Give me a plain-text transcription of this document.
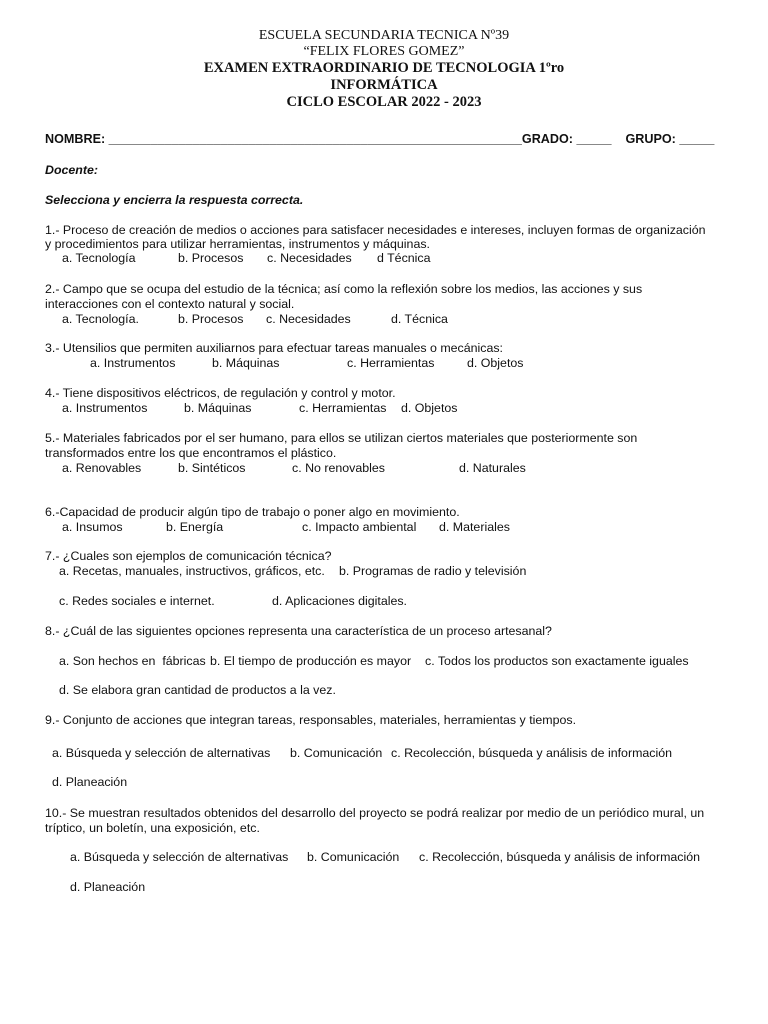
ESCUELA SECUNDARIA TECNICA Nº39
“FELIX FLORES GOMEZ”
EXAMEN EXTRAORDINARIO DE TECNOLOGIA 1ºro
INFORMÁTICA
CICLO ESCOLAR 2022 - 2023
NOMBRE: ___________________________________________________________GRADO: _____    GRUPO: _____
Docente:
Selecciona y encierra la respuesta correcta.
1.- Proceso de creación de medios o acciones para satisfacer necesidades e intereses, incluyen formas de organización
y procedimientos para utilizar herramientas, instrumentos y máquinas.
a. Tecnología	b. Procesos c. Necesidades d Técnica
2.- Campo que se ocupa del estudio de la técnica; así como la reflexión sobre los medios, las acciones y sus
interacciones con el contexto natural y social.
a. Tecnología.	b. Procesos c. Necesidades	d. Técnica
3.- Utensilios que permiten auxiliarnos para efectuar tareas manuales o mecánicas:
a. Instrumentos	b. Máquinas	c. Herramientas	d. Objetos
4.- Tiene dispositivos eléctricos, de regulación y control y motor.
a. Instrumentos	b. Máquinas	c. Herramientas d. Objetos
5.- Materiales fabricados por el ser humano, para ellos se utilizan ciertos materiales que posteriormente son
transformados entre los que encontramos el plástico.
a. Renovables	b. Sintéticos	c. No renovables	d. Naturales
6.-Capacidad de producir algún tipo de trabajo o poner algo en movimiento.
a. Insumos	b. Energía	c. Impacto ambiental d. Materiales
7.- ¿Cuales son ejemplos de comunicación técnica?
a. Recetas, manuales, instructivos, gráficos, etc. b. Programas de radio y televisión
c. Redes sociales e internet.	d. Aplicaciones digitales.
8.- ¿Cuál de las siguientes opciones representa una característica de un proceso artesanal?
a. Son hechos en  fábricas b. El tiempo de producción es mayor c. Todos los productos son exactamente iguales
d. Se elabora gran cantidad de productos a la vez.
9.- Conjunto de acciones que integran tareas, responsables, materiales, herramientas y tiempos.
a. Búsqueda y selección de alternativas b. Comunicación c. Recolección, búsqueda y análisis de información
d. Planeación
10.- Se muestran resultados obtenidos del desarrollo del proyecto se podrá realizar por medio de un periódico mural, un
tríptico, un boletín, una exposición, etc.
a. Búsqueda y selección de alternativas b. Comunicación c. Recolección, búsqueda y análisis de información
d. Planeación
